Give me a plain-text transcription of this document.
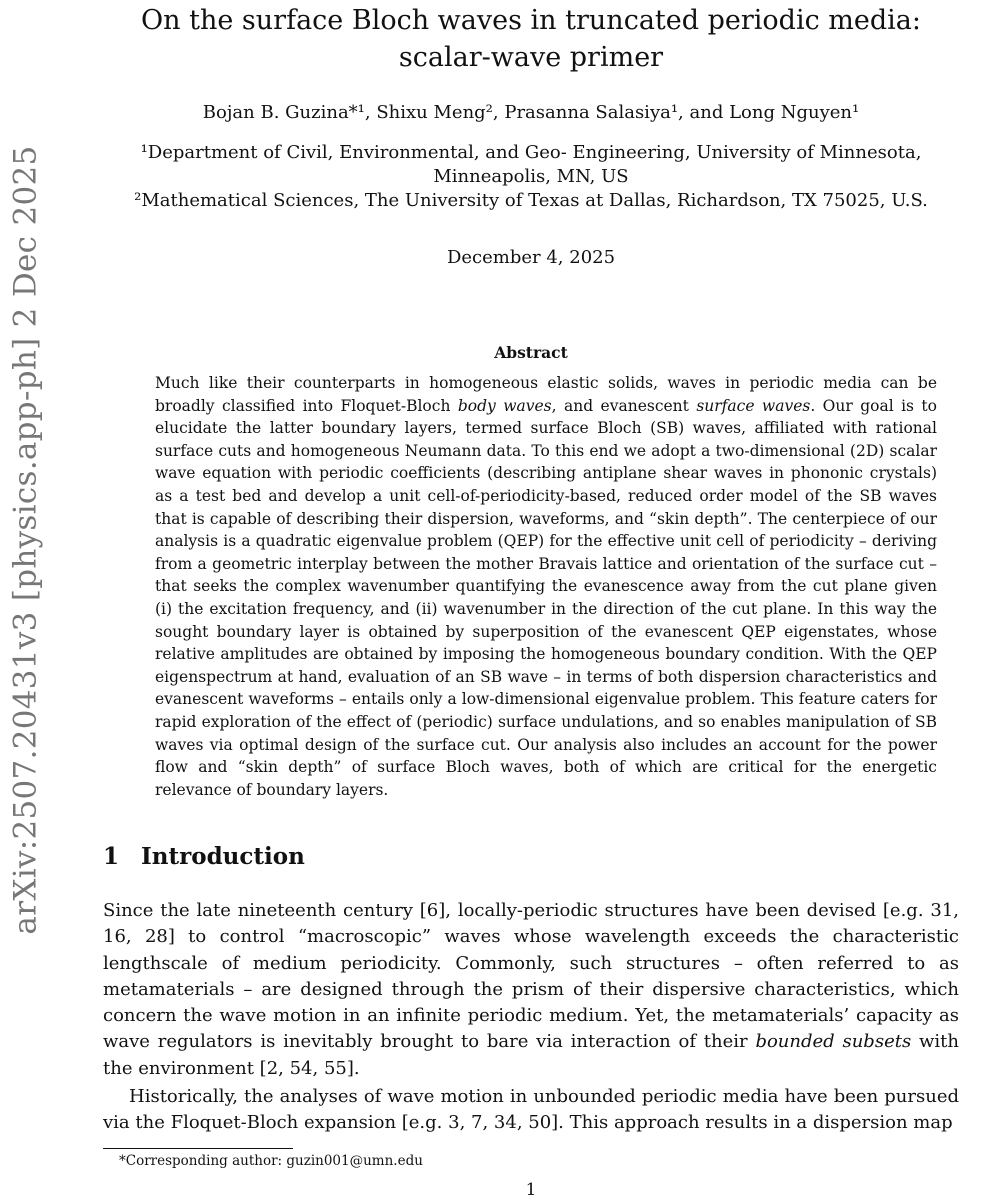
arXiv:2507.20431v3 [physics.app-ph] 2 Dec 2025
On the surface Bloch waves in truncated periodic media:
scalar-wave primer
Bojan B. Guzina*¹, Shixu Meng², Prasanna Salasiya¹, and Long Nguyen¹
¹Department of Civil, Environmental, and Geo- Engineering, University of Minnesota,
Minneapolis, MN, US
²Mathematical Sciences, The University of Texas at Dallas, Richardson, TX 75025, U.S.
December 4, 2025
Abstract

Much like their counterparts in homogeneous elastic solids, waves in periodic media can be broadly classified into Floquet-Bloch body waves, and evanescent surface waves. Our goal is to elucidate the latter boundary layers, termed surface Bloch (SB) waves, affiliated with rational surface cuts and homogeneous Neumann data. To this end we adopt a two-dimensional (2D) scalar wave equation with periodic coefficients (describing antiplane shear waves in phononic crystals) as a test bed and develop a unit cell-of-periodicity-based, reduced order model of the SB waves that is capable of describing their dispersion, waveforms, and “skin depth”. The centerpiece of our analysis is a quadratic eigenvalue problem (QEP) for the effective unit cell of periodicity – deriving from a geometric interplay between the mother Bravais lattice and orientation of the surface cut – that seeks the complex wavenumber quantifying the evanescence away from the cut plane given (i) the excitation frequency, and (ii) wavenumber in the direction of the cut plane. In this way the sought boundary layer is obtained by superposition of the evanescent QEP eigenstates, whose relative amplitudes are obtained by imposing the homogeneous boundary condition. With the QEP eigenspectrum at hand, evaluation of an SB wave – in terms of both dispersion characteristics and evanescent waveforms – entails only a low-dimensional eigenvalue problem. This feature caters for rapid exploration of the effect of (periodic) surface undulations, and so enables manipulation of SB waves via optimal design of the surface cut. Our analysis also includes an account for the power flow and “skin depth” of surface Bloch waves, both of which are critical for the energetic relevance of boundary layers.

1 Introduction

Since the late nineteenth century [6], locally-periodic structures have been devised [e.g. 31, 16, 28] to control “macroscopic” waves whose wavelength exceeds the characteristic lengthscale of medium periodicity. Commonly, such structures – often referred to as metamaterials – are designed through the prism of their dispersive characteristics, which concern the wave motion in an infinite periodic medium. Yet, the metamaterials’ capacity as wave regulators is inevitably brought to bare via interaction of their bounded subsets with the environment [2, 54, 55].

Historically, the analyses of wave motion in unbounded periodic media have been pursued via the Floquet-Bloch expansion [e.g. 3, 7, 34, 50]. This approach results in a dispersion map

*Corresponding author: guzin001@umn.edu
1
